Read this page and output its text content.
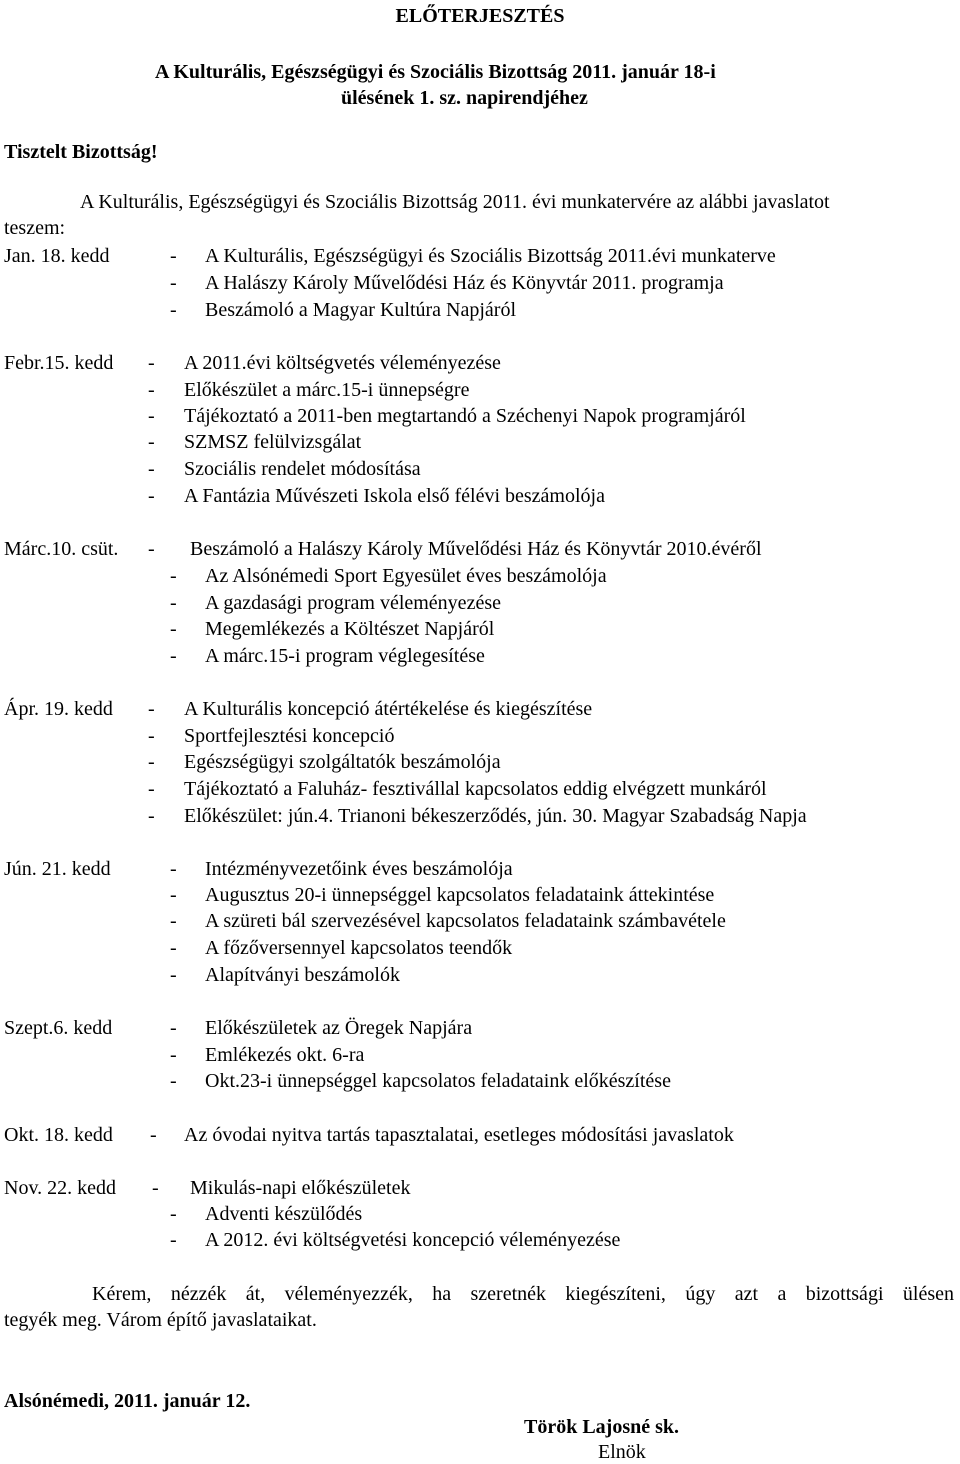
ELŐTERJESZTÉS
A Kulturális, Egészségügyi és Szociális Bizottság 2011. január 18-i
ülésének 1. sz. napirendjéhez
Tisztelt Bizottság!
A Kulturális, Egészségügyi és Szociális Bizottság 2011. évi munkatervére az alábbi javaslatot
teszem:
Jan. 18. kedd	- A Kulturális, Egészségügyi és Szociális Bizottság 2011.évi munkaterve
- A Halászy Károly Művelődési Ház és Könyvtár 2011. programja
- Beszámoló a Magyar Kultúra Napjáról
Febr.15. kedd - A 2011.évi költségvetés véleményezése
- Előkészület a márc.15-i ünnepségre
- Tájékoztató a 2011-ben megtartandó a Széchenyi Napok programjáról
- SZMSZ felülvizsgálat
- Szociális rendelet módosítása
- A Fantázia Művészeti Iskola első félévi beszámolója
Márc.10. csüt. - Beszámoló a Halászy Károly Művelődési Ház és Könyvtár 2010.évéről
- Az Alsónémedi Sport Egyesület éves beszámolója
- A gazdasági program véleményezése
- Megemlékezés a Költészet Napjáról
- A márc.15-i program véglegesítése
Ápr. 19. kedd - A Kulturális koncepció átértékelése és kiegészítése
- Sportfejlesztési koncepció
- Egészségügyi szolgáltatók beszámolója
- Tájékoztató a Faluház- fesztivállal kapcsolatos eddig elvégzett munkáról
- Előkészület: jún.4. Trianoni békeszerződés, jún. 30. Magyar Szabadság Napja
Jún. 21. kedd	- Intézményvezetőink éves beszámolója
- Augusztus 20-i ünnepséggel kapcsolatos feladataink áttekintése
- A szüreti bál szervezésével kapcsolatos feladataink számbavétele
- A főzőversennyel kapcsolatos teendők
- Alapítványi beszámolók
Szept.6. kedd	- Előkészületek az Öregek Napjára
- Emlékezés okt. 6-ra
- Okt.23-i ünnepséggel kapcsolatos feladataink előkészítése
Okt. 18. kedd - Az óvodai nyitva tartás tapasztalatai, esetleges módosítási javaslatok
Nov. 22. kedd - Mikulás-napi előkészületek
- Adventi készülődés
- A 2012. évi költségvetési koncepció véleményezése
Kérem, nézzék át, véleményezzék, ha szeretnék kiegészíteni, úgy azt a bizottsági ülésen
tegyék meg. Várom építő javaslataikat.
Alsónémedi, 2011. január 12.
Török Lajosné sk.
Elnök
